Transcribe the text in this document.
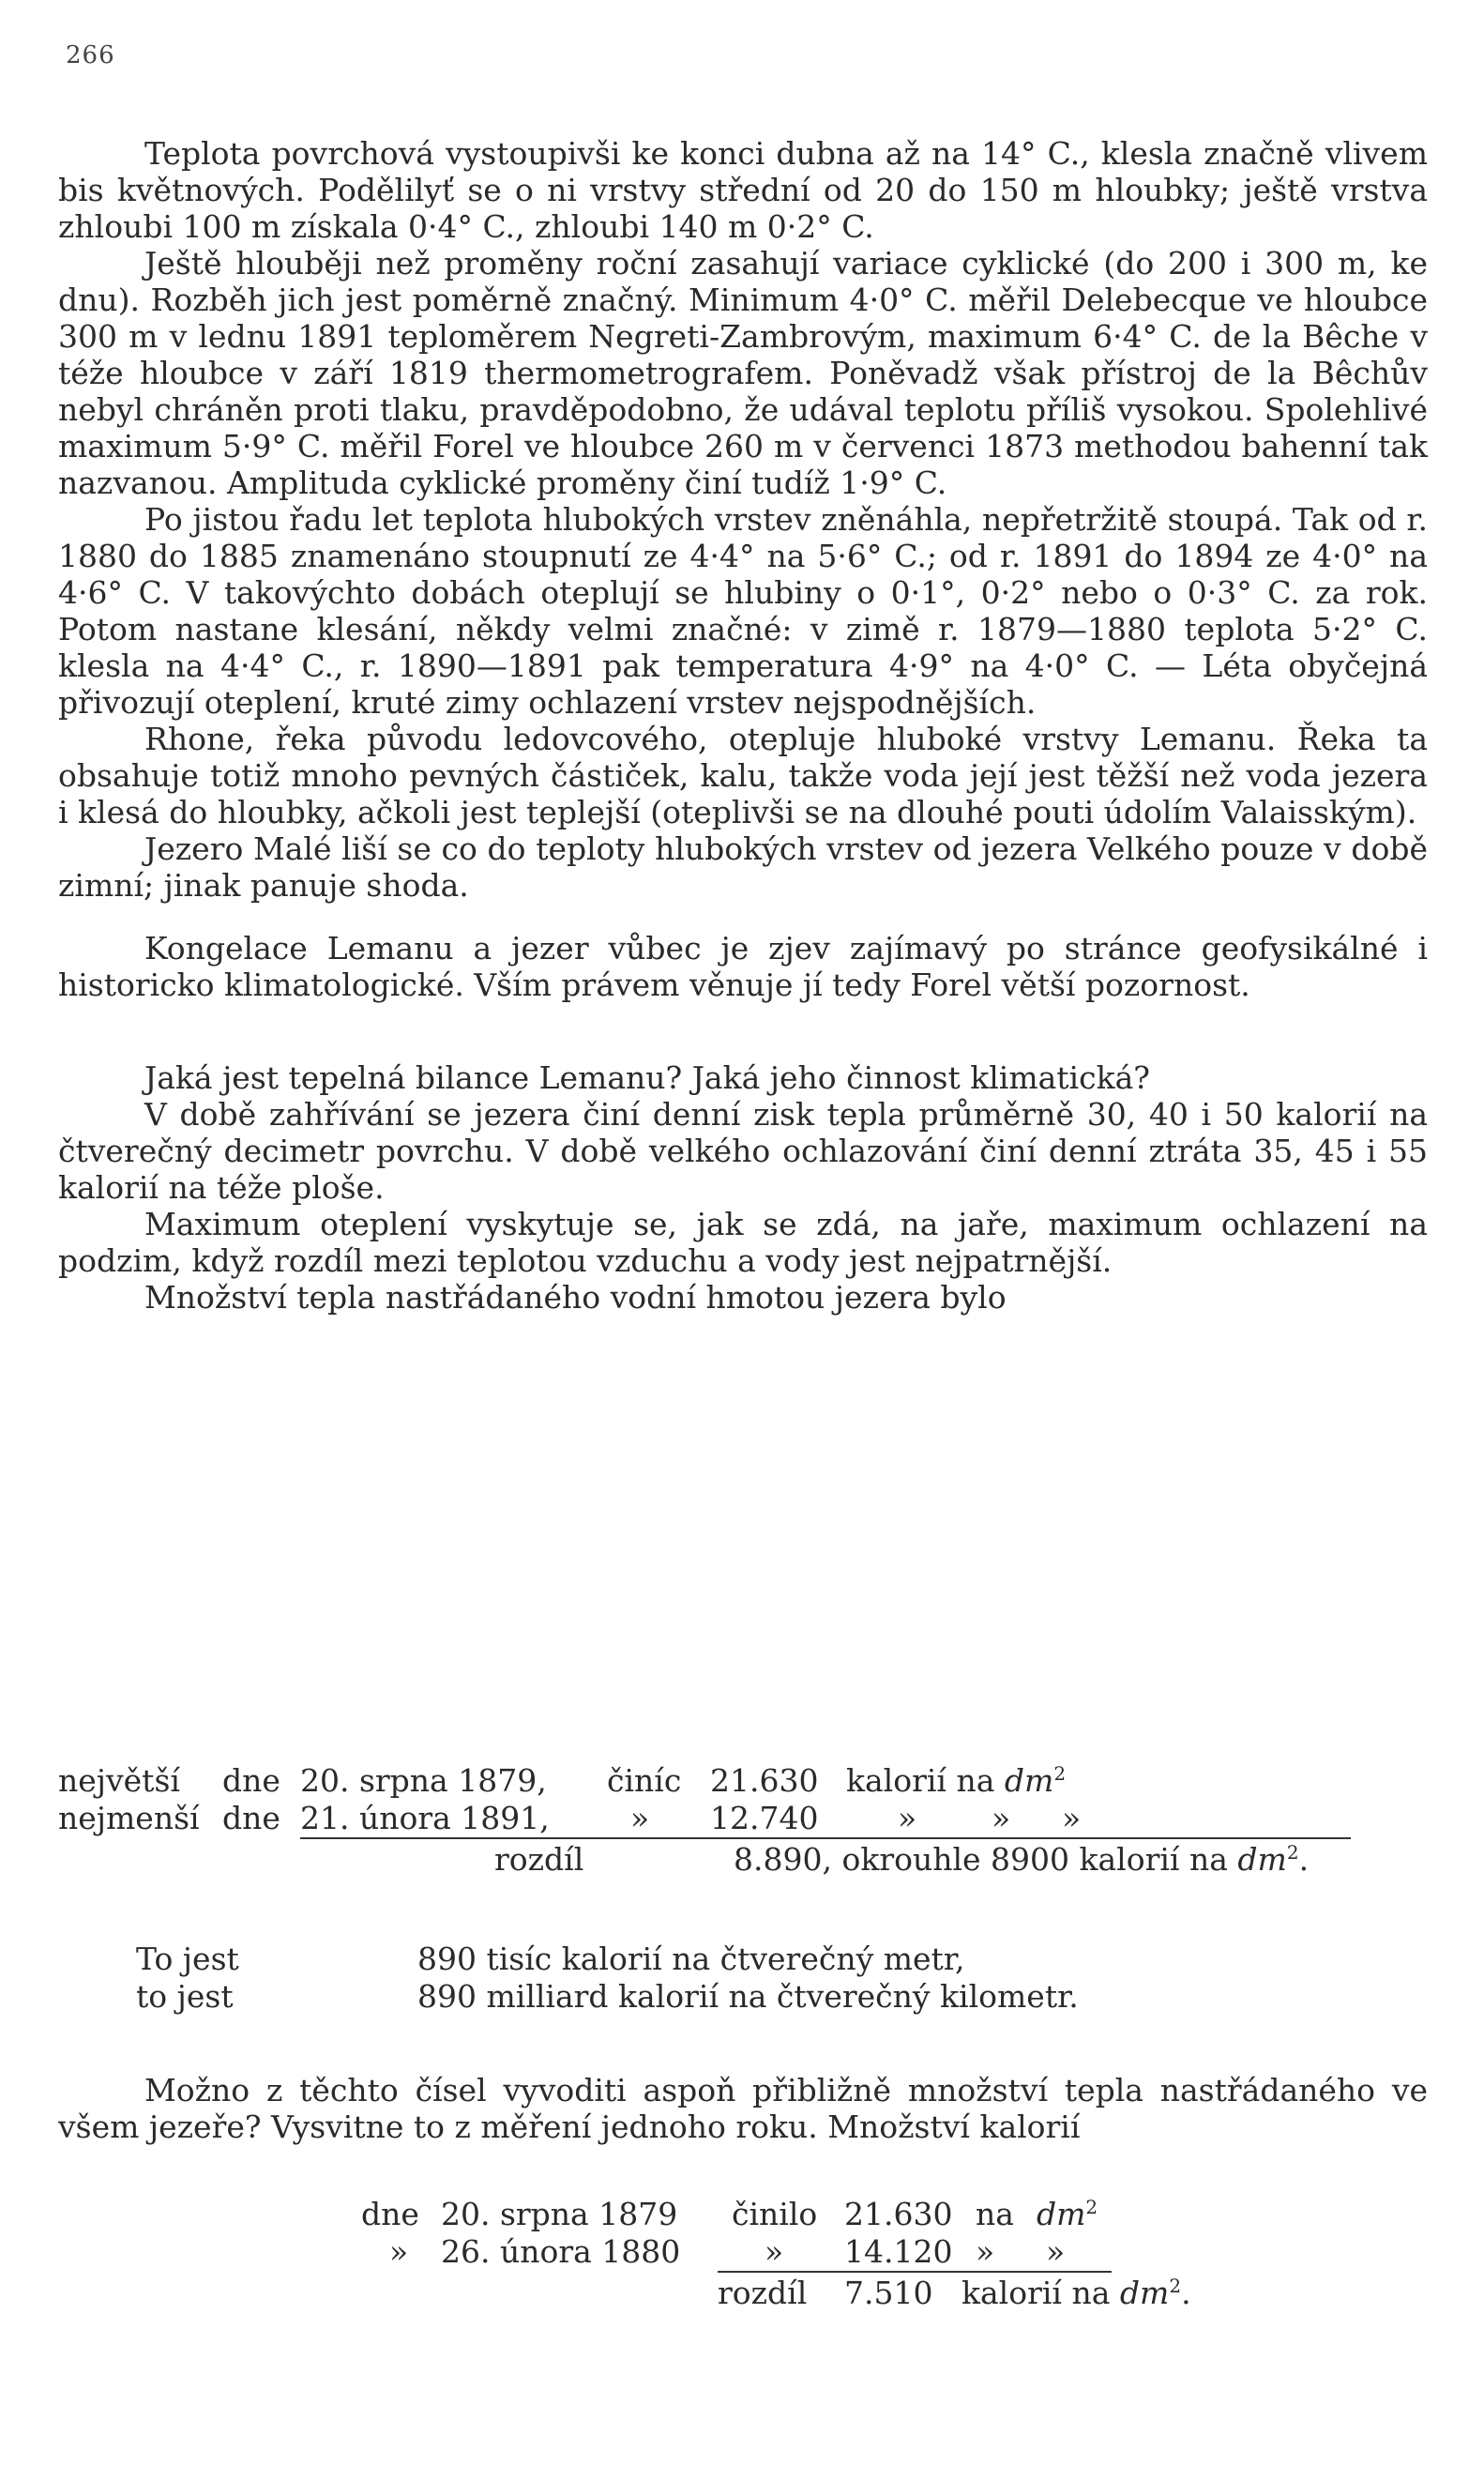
266

Teplota povrchová vystoupivši ke konci dubna až na 14° C., klesla značně vlivem bis květnových. Podělilyť se o ni vrstvy střední od 20 do 150 m hloubky; ještě vrstva zhloubi 100 m získala 0·4° C., zhloubi 140 m 0·2° C.

Ještě hlouběji než proměny roční zasahují variace cyklické (do 200 i 300 m, ke dnu). Rozběh jich jest poměrně značný. Minimum 4·0° C. měřil Delebecque ve hloubce 300 m v lednu 1891 teploměrem Negreti-Zambrovým, maximum 6·4° C. de la Bêche v téže hloubce v září 1819 thermometrografem. Poněvadž však přístroj de la Bêchův nebyl chráněn proti tlaku, pravděpodobno, že udával teplotu příliš vysokou. Spolehlivé maximum 5·9° C. měřil Forel ve hloubce 260 m v červenci 1873 methodou bahenní tak nazvanou. Amplituda cyklické proměny činí tudíž 1·9° C.

Po jistou řadu let teplota hlubokých vrstev zněnáhla, nepřetržitě stoupá. Tak od r. 1880 do 1885 znamenáno stoupnutí ze 4·4° na 5·6° C.; od r. 1891 do 1894 ze 4·0° na 4·6° C. V takovýchto dobách oteplují se hlubiny o 0·1°, 0·2° nebo o 0·3° C. za rok. Potom nastane klesání, někdy velmi značné: v zimě r. 1879—1880 teplota 5·2° C. klesla na 4·4° C., r. 1890—1891 pak temperatura 4·9° na 4·0° C. — Léta obyčejná přivozují oteplení, kruté zimy ochlazení vrstev nejspodnějších.

Rhone, řeka původu ledovcového, otepluje hluboké vrstvy Lemanu. Řeka ta obsahuje totiž mnoho pevných částiček, kalu, takže voda její jest těžší než voda jezera i klesá do hloubky, ačkoli jest teplejší (oteplivši se na dlouhé pouti údolím Valaisským).

Jezero Malé liší se co do teploty hlubokých vrstev od jezera Velkého pouze v době zimní; jinak panuje shoda.

Kongelace Lemanu a jezer vůbec je zjev zajímavý po stránce geofysikálné i historicko klimatologické. Vším právem věnuje jí tedy Forel větší pozornost.

Jaká jest tepelná bilance Lemanu? Jaká jeho činnost klimatická?

V době zahřívání se jezera činí denní zisk tepla průměrně 30, 40 i 50 kalorií na čtverečný decimetr povrchu. V době velkého ochlazování činí denní ztráta 35, 45 i 55 kalorií na téže ploše.

Maximum oteplení vyskytuje se, jak se zdá, na jaře, maximum ochlazení na podzim, když rozdíl mezi teplotou vzduchu a vody jest nejpatrnější.

Množství tepla nastřádaného vodní hmotou jezera bylo

největší dne 20. srpna 1879, činíc 21.630 kalorií na $dm^2$
nejmenší dne 21. února 1891,	» 12.740	» » »
rozdíl	8.890, okrouhle 8900 kalorií na $dm^2$.
To jest	890 tisíc kalorií na čtverečný metr,
to jest	890 milliard kalorií na čtverečný kilometr.

Možno z těchto čísel vyvoditi aspoň přibližně množství tepla nastřádaného ve všem jezeře? Vysvitne to z měření jednoho roku. Množství kalorií

dne 20. srpna 1879 činilo 21.630 na $dm^2$
» 26. února 1880	» 14.120 » »
rozdíl 7.510 kalorií na $dm^2$.
